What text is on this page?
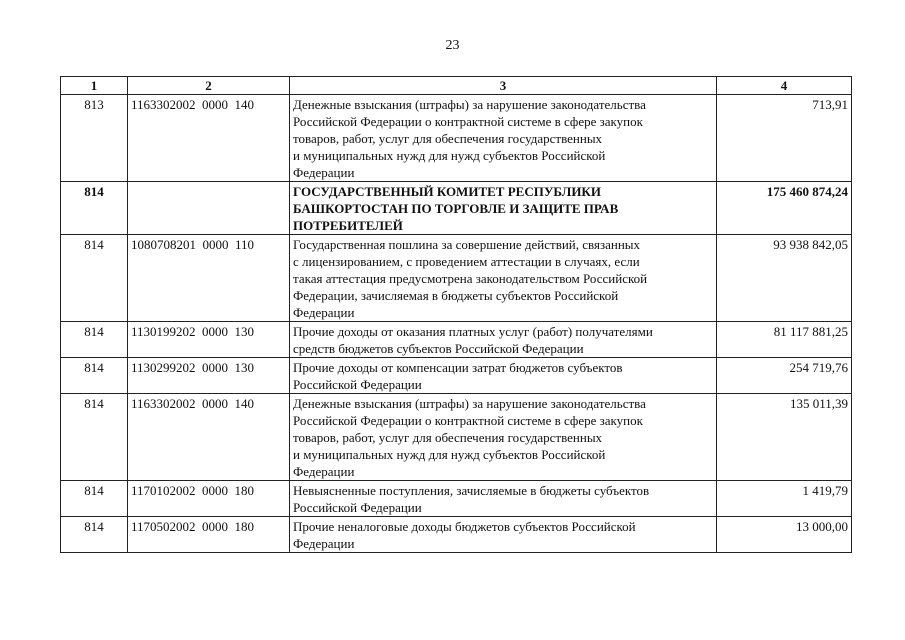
23
1	2	3	4
813	1163302002  0000  140	Денежные взыскания (штрафы) за нарушение законодательства
Российской Федерации о контрактной системе в сфере закупок
товаров, работ, услуг для обеспечения государственных
и муниципальных нужд для нужд субъектов Российской
Федерации	713,91
814		ГОСУДАРСТВЕННЫЙ КОМИТЕТ РЕСПУБЛИКИ
БАШКОРТОСТАН ПО ТОРГОВЛЕ И ЗАЩИТЕ ПРАВ
ПОТРЕБИТЕЛЕЙ	175 460 874,24
814	1080708201  0000  110	Государственная пошлина за совершение действий, связанных
с лицензированием, с проведением аттестации в случаях, если
такая аттестация предусмотрена законодательством Российской
Федерации, зачисляемая в бюджеты субъектов Российской
Федерации	93 938 842,05
814	1130199202  0000  130	Прочие доходы от оказания платных услуг (работ) получателями
средств бюджетов субъектов Российской Федерации	81 117 881,25
814	1130299202  0000  130	Прочие доходы от компенсации затрат бюджетов субъектов
Российской Федерации	254 719,76
814	1163302002  0000  140	Денежные взыскания (штрафы) за нарушение законодательства
Российской Федерации о контрактной системе в сфере закупок
товаров, работ, услуг для обеспечения государственных
и муниципальных нужд для нужд субъектов Российской
Федерации	135 011,39
814	1170102002  0000  180	Невыясненные поступления, зачисляемые в бюджеты субъектов
Российской Федерации	1 419,79
814	1170502002  0000  180	Прочие неналоговые доходы бюджетов субъектов Российской
Федерации	13 000,00
